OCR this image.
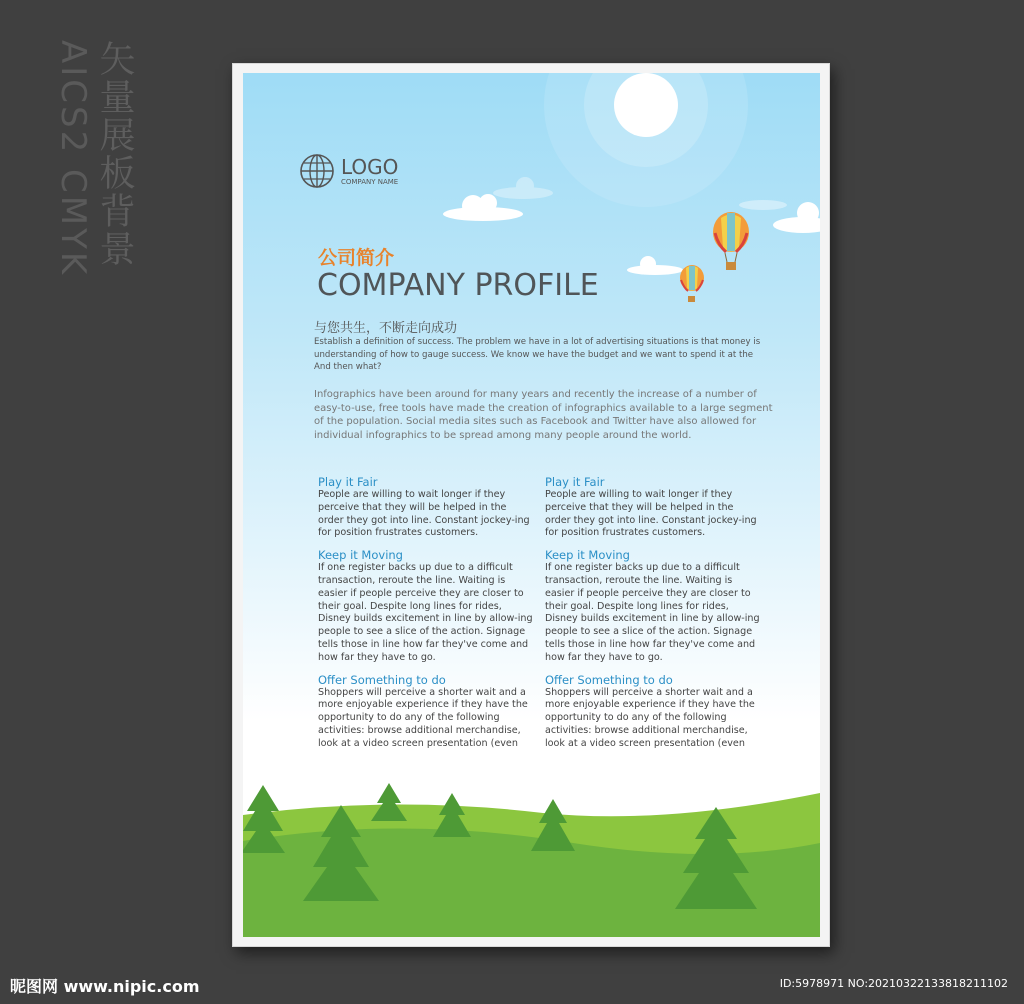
AICS2 CMYK 矢量展板背景	LOGO
COMPANY NAME
公司简介
COMPANY PROFILE
与您共生，不断走向成功
Establish a definition of success. The problem we have in a lot of advertising situations is that money is understanding of how to gauge success. We know we have the budget and we want to spend it at the And then what?
Infographics have been around for many years and recently the increase of a number of easy-to-use, free tools have made the creation of infographics available to a large segment of the population. Social media sites such as Facebook and Twitter have also allowed for individual infographics to be spread among many people around the world.
Play it Fair

People are willing to wait longer if they perceive that they will be helped in the order they got into line. Constant jockey-ing for position frustrates customers.

Keep it Moving

If one register backs up due to a difficult transaction, reroute the line. Waiting is easier if people perceive they are closer to their goal. Despite long lines for rides, Disney builds excitement in line by allow-ing people to see a slice of the action. Signage tells those in line how far they've come and how far they have to go.

Offer Something to do

Shoppers will perceive a shorter wait and a more enjoyable experience if they have the opportunity to do any of the following activities: browse additional merchandise, look at a video screen presentation (even

Play it Fair

People are willing to wait longer if they perceive that they will be helped in the order they got into line. Constant jockey-ing for position frustrates customers.

Keep it Moving

If one register backs up due to a difficult transaction, reroute the line. Waiting is easier if people perceive they are closer to their goal. Despite long lines for rides, Disney builds excitement in line by allow-ing people to see a slice of the action. Signage tells those in line how far they've come and how far they have to go.

Offer Something to do

Shoppers will perceive a shorter wait and a more enjoyable experience if they have the opportunity to do any of the following activities: browse additional merchandise, look at a video screen presentation (even

昵图网 www.nipic.com	ID:5978971 NO:20210322133818211102
